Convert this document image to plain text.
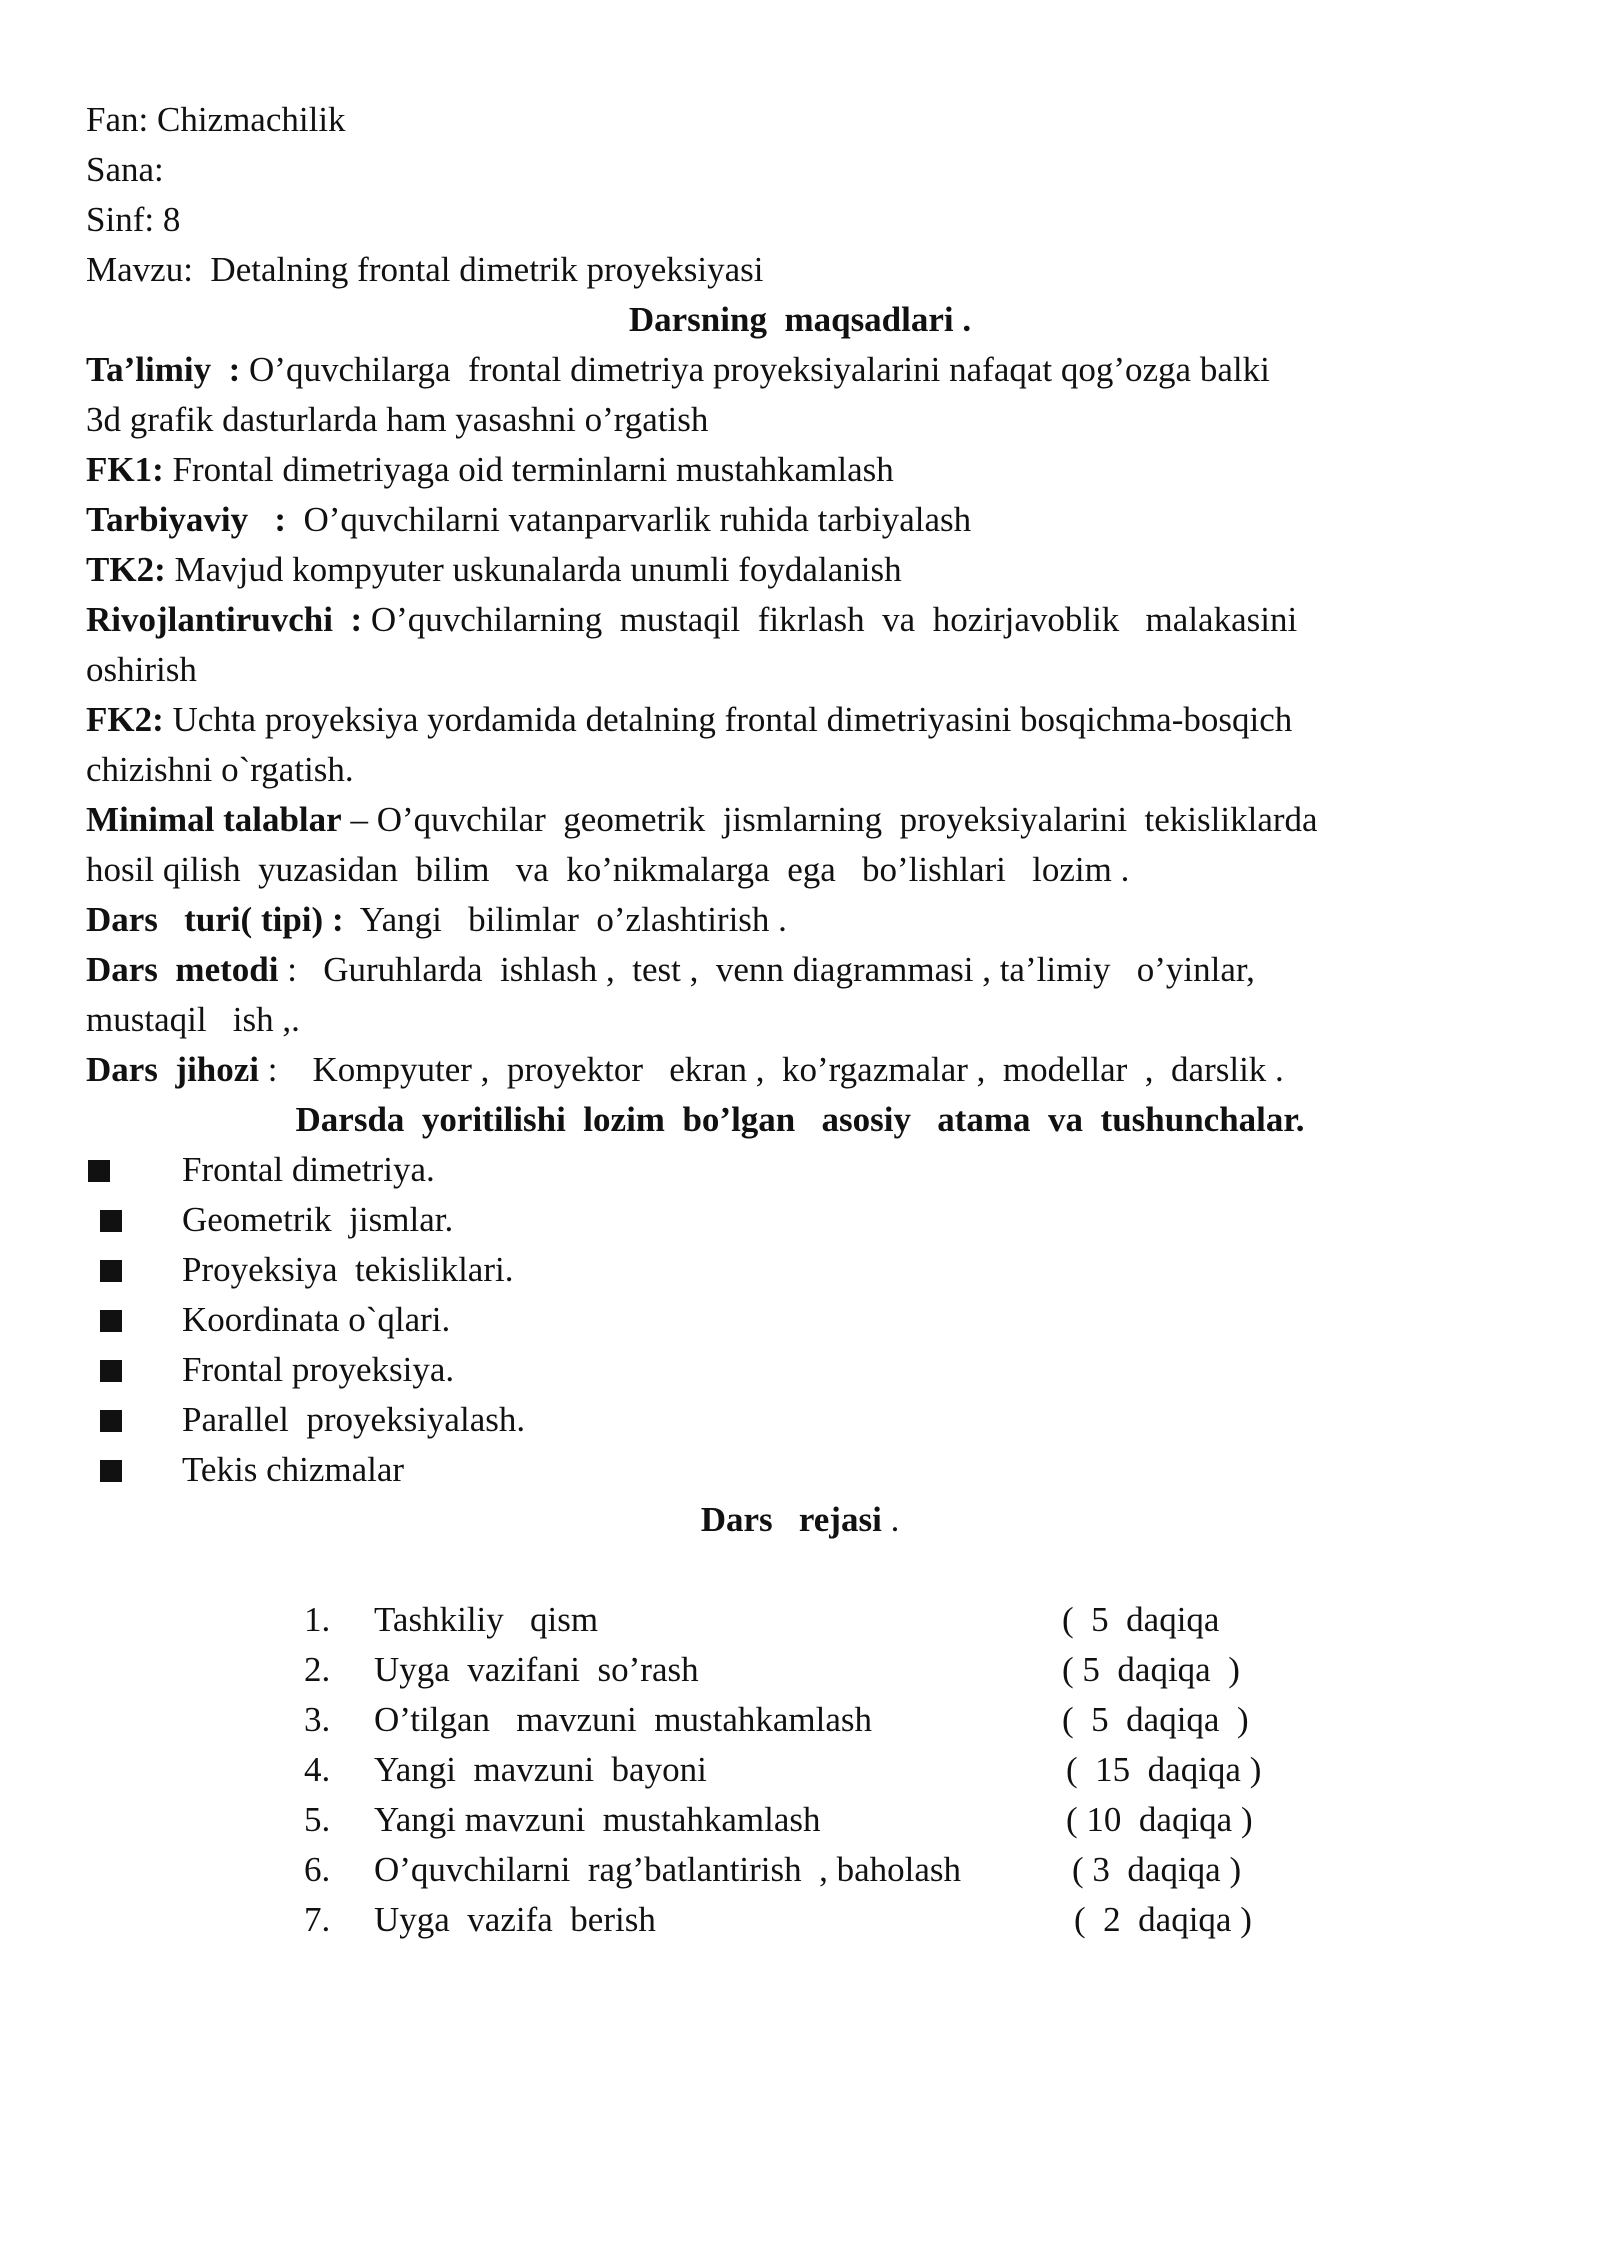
Fan: Chizmachilik
Sana:
Sinf: 8
Mavzu:  Detalning frontal dimetrik proyeksiyasi
Darsning  maqsadlari .
Ta’limiy  : O’quvchilarga  frontal dimetriya proyeksiyalarini nafaqat qog’ozga balki
3d grafik dasturlarda ham yasashni o’rgatish
FK1: Frontal dimetriyaga oid terminlarni mustahkamlash
Tarbiyaviy   :  O’quvchilarni vatanparvarlik ruhida tarbiyalash
TK2: Mavjud kompyuter uskunalarda unumli foydalanish
Rivojlantiruvchi  : O’quvchilarning  mustaqil  fikrlash  va  hozirjavoblik   malakasini
oshirish
FK2: Uchta proyeksiya yordamida detalning frontal dimetriyasini bosqichma-bosqich
chizishni o`rgatish.
Minimal talablar – O’quvchilar  geometrik  jismlarning  proyeksiyalarini  tekisliklarda
hosil qilish  yuzasidan  bilim   va  ko’nikmalarga  ega   bo’lishlari   lozim .
Dars   turi( tipi) :  Yangi   bilimlar  o’zlashtirish .
Dars  metodi :   Guruhlarda  ishlash ,  test ,  venn diagrammasi , ta’limiy   o’yinlar,
mustaqil   ish ,.
Dars  jihozi :    Kompyuter ,  proyektor   ekran ,  ko’rgazmalar ,  modellar  ,  darslik .
Darsda  yoritilishi  lozim  bo’lgan   asosiy   atama  va  tushunchalar.
Frontal dimetriya.
Geometrik  jismlar.
Proyeksiya  tekisliklari.
Koordinata o`qlari.
Frontal proyeksiya.
Parallel  proyeksiyalash.
Tekis chizmalar
Dars   rejasi .
1. Tashkiliy   qism	(  5  daqiqa
2. Uyga  vazifani  so’rash	( 5  daqiqa  )
3. O’tilgan   mavzuni  mustahkamlash	(  5  daqiqa  )
4. Yangi  mavzuni  bayoni	(  15  daqiqa )
5. Yangi mavzuni  mustahkamlash	( 10  daqiqa )
6. O’quvchilarni  rag’batlantirish  , baholash	( 3  daqiqa )
7. Uyga  vazifa  berish	(  2  daqiqa )
